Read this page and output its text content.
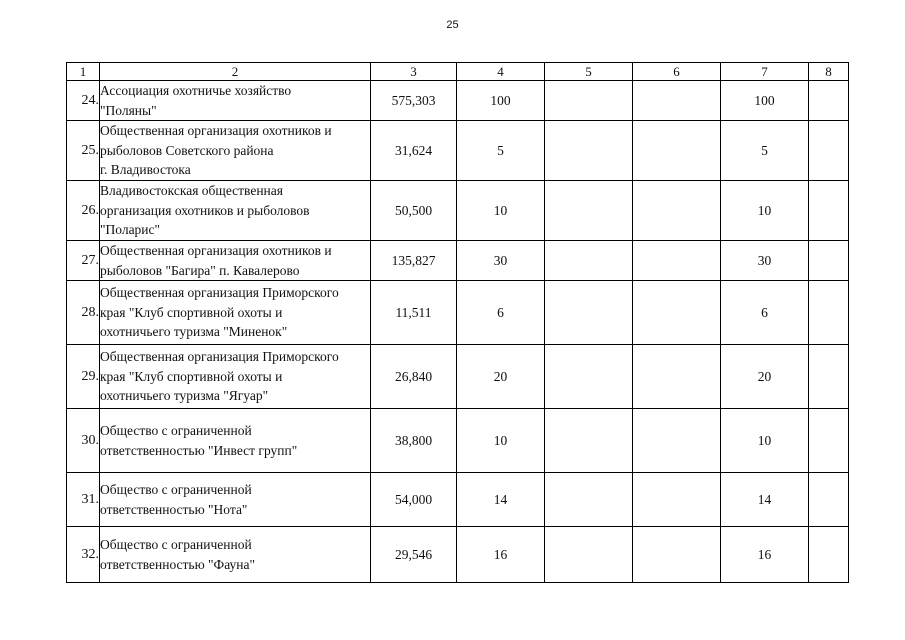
25
1	2	3	4	5	6	7	8
24.	Ассоциация охотничье хозяйство
"Поляны"	575,303	100			100	
25.	Общественная организация охотников и
рыболовов Советского района
г. Владивостока	31,624	5			5	
26.	Владивостокская общественная
организация охотников и рыболовов
"Поларис"	50,500	10			10	
27.	Общественная организация охотников и
рыболовов "Багира" п. Кавалерово	135,827	30			30	
28.	Общественная организация Приморского
края "Клуб спортивной охоты и
охотничьего туризма "Миненок"	11,511	6			6	
29.	Общественная организация Приморского
края "Клуб спортивной охоты и
охотничьего туризма "Ягуар"	26,840	20			20	
30.	Общество с ограниченной
ответственностью "Инвест групп"	38,800	10			10	
31.	Общество с ограниченной
ответственностью "Нота"	54,000	14			14	
32.	Общество с ограниченной
ответственностью "Фауна"	29,546	16			16	
